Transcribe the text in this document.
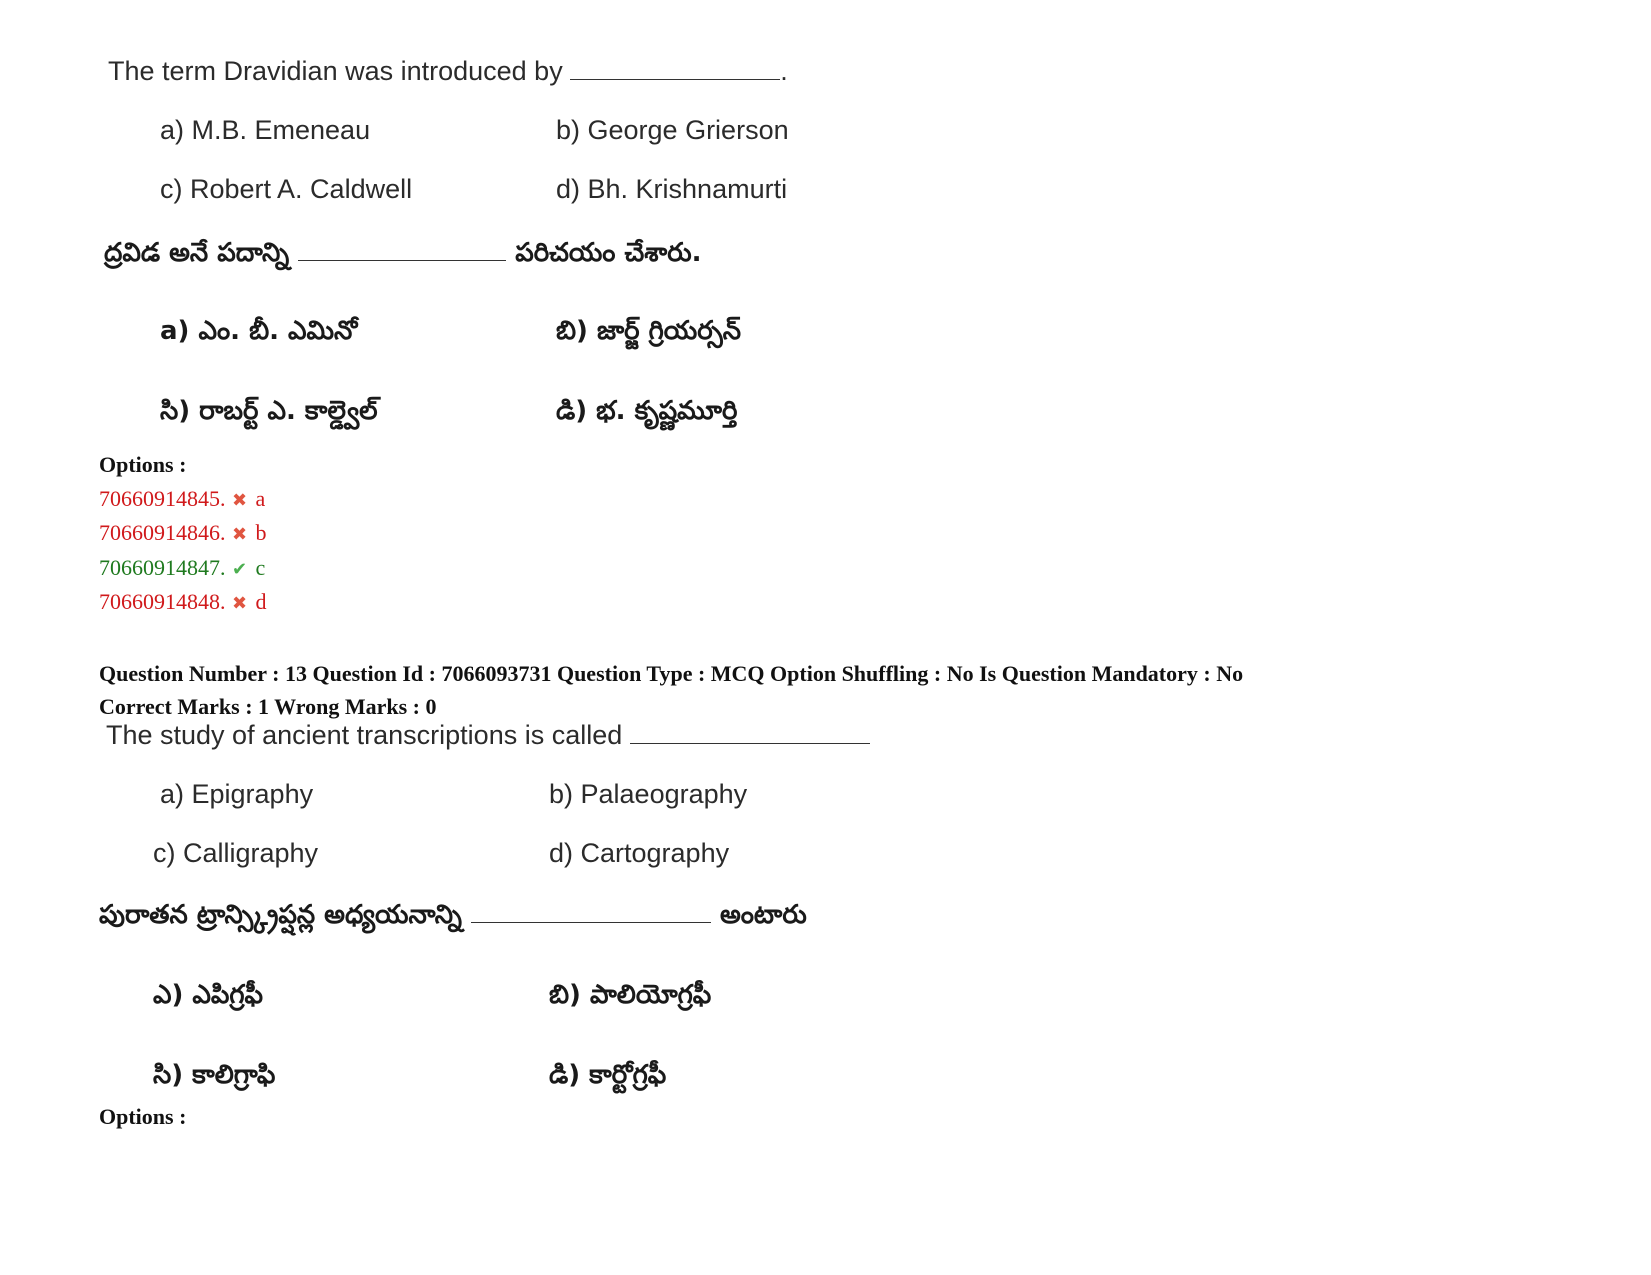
The term Dravidian was introduced by	.
a) M.B. Emeneau	b) George Grierson
c) Robert A. Caldwell	d) Bh. Krishnamurti
ద్రవిడ అనే పదాన్ని	పరిచయం చేశారు.
a) ఎం. బీ. ఎమినో	బి) జార్జ్ గ్రియర్సన్
సి) రాబర్ట్ ఎ. కాల్డ్వెల్	డి) భ. కృష్ణమూర్తి
Options :
70660914845. ✖ a
70660914846. ✖ b
70660914847. ✔ c
70660914848. ✖ d
Question Number : 13 Question Id : 7066093731 Question Type : MCQ Option Shuffling : No Is Question Mandatory : No
Correct Marks : 1 Wrong Marks : 0
The study of ancient transcriptions is called
a) Epigraphy	b) Palaeography
c) Calligraphy	d) Cartography
పురాతన ట్రాన్స్క్రిప్షన్ల అధ్యయనాన్ని	అంటారు
ఎ) ఎపిగ్రఫీ	బి) పాలియోగ్రఫీ
సి) కాలిగ్రాఫి	డి) కార్టోగ్రఫీ
Options :
